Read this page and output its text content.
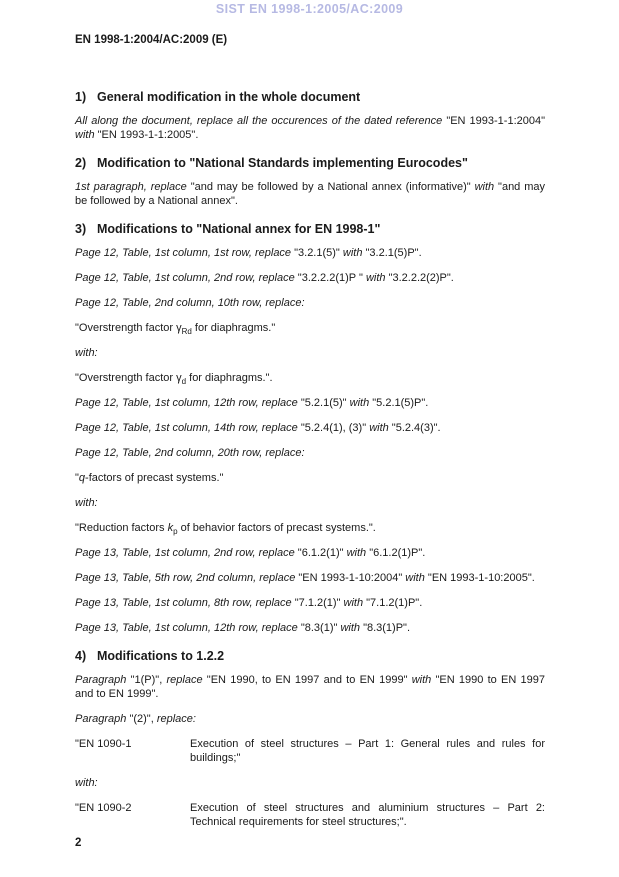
SIST EN 1998-1:2005/AC:2009
EN 1998-1:2004/AC:2009 (E)
1) General modification in the whole document
All along the document, replace all the occurences of the dated reference "EN 1993-1-1:2004" with "EN 1993-1-1:2005".
2) Modification to "National Standards implementing Eurocodes"
1st paragraph, replace "and may be followed by a National annex (informative)" with "and may be followed by a National annex".
3) Modifications to "National annex for EN 1998-1"
Page 12, Table, 1st column, 1st row, replace "3.2.1(5)" with "3.2.1(5)P".
Page 12, Table, 1st column, 2nd row, replace "3.2.2.2(1)P " with "3.2.2.2(2)P".
Page 12, Table, 2nd column, 10th row, replace:
"Overstrength factor $\gamma_{Rd}$ for diaphragms."
with:
"Overstrength factor $\gamma_d$ for diaphragms.".
Page 12, Table, 1st column, 12th row, replace "5.2.1(5)" with "5.2.1(5)P".
Page 12, Table, 1st column, 14th row, replace "5.2.4(1), (3)" with "5.2.4(3)".
Page 12, Table, 2nd column, 20th row, replace:
"q-factors of precast systems."
with:
"Reduction factors $k_p$ of behavior factors of precast systems.".
Page 13, Table, 1st column, 2nd row, replace "6.1.2(1)" with "6.1.2(1)P".
Page 13, Table, 5th row, 2nd column, replace "EN 1993-1-10:2004" with "EN 1993-1-10:2005".
Page 13, Table, 1st column, 8th row, replace "7.1.2(1)" with "7.1.2(1)P".
Page 13, Table, 1st column, 12th row, replace "8.3(1)" with "8.3(1)P".
4) Modifications to 1.2.2
Paragraph "1(P)", replace "EN 1990, to EN 1997 and to EN 1999" with "EN 1990 to EN 1997 and to EN 1999".
Paragraph "(2)", replace:
"EN 1090-1	Execution of steel structures – Part 1: General rules and rules for buildings;"
with:
"EN 1090-2	Execution of steel structures and aluminium structures – Part 2: Technical requirements for steel structures;".
2
